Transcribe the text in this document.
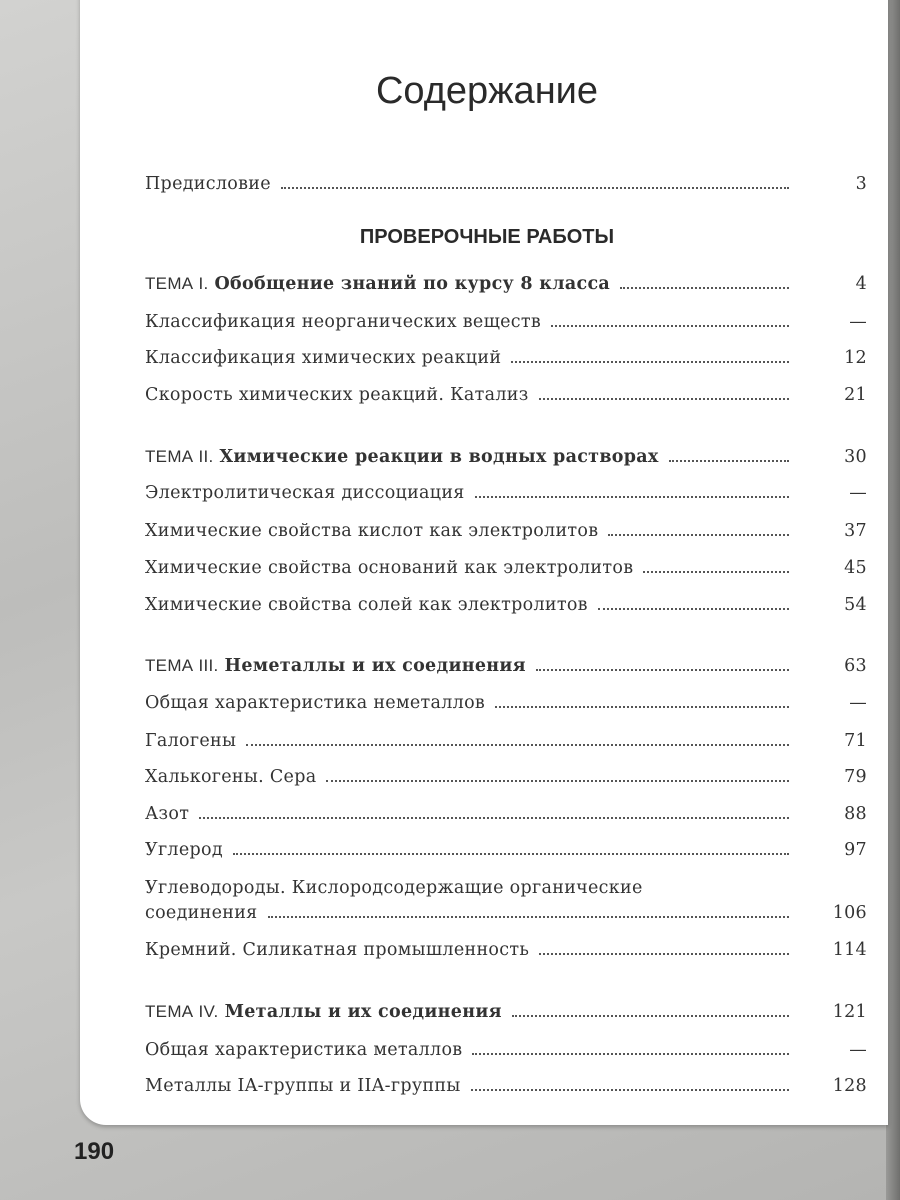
Содержание
Предисловие	3
ПРОВЕРОЧНЫЕ РАБОТЫ
ТЕМА I. Обобщение знаний по курсу 8 класса	4
Классификация неорганических веществ	—
Классификация химических реакций	12
Скорость химических реакций. Катализ	21
ТЕМА II. Химические реакции в водных растворах	30
Электролитическая диссоциация	—
Химические свойства кислот как электролитов	37
Химические свойства оснований как электролитов	45
Химические свойства солей как электролитов	54
ТЕМА III. Неметаллы и их соединения	63
Общая характеристика неметаллов	—
Галогены	71
Халькогены. Сера	79
Азот	88
Углерод	97
Углеводороды. Кислородсодержащие органические
соединения	106
Кремний. Силикатная промышленность	114
ТЕМА IV. Металлы и их соединения	121
Общая характеристика металлов	—
Металлы IA-группы и IIA-группы	128
190
